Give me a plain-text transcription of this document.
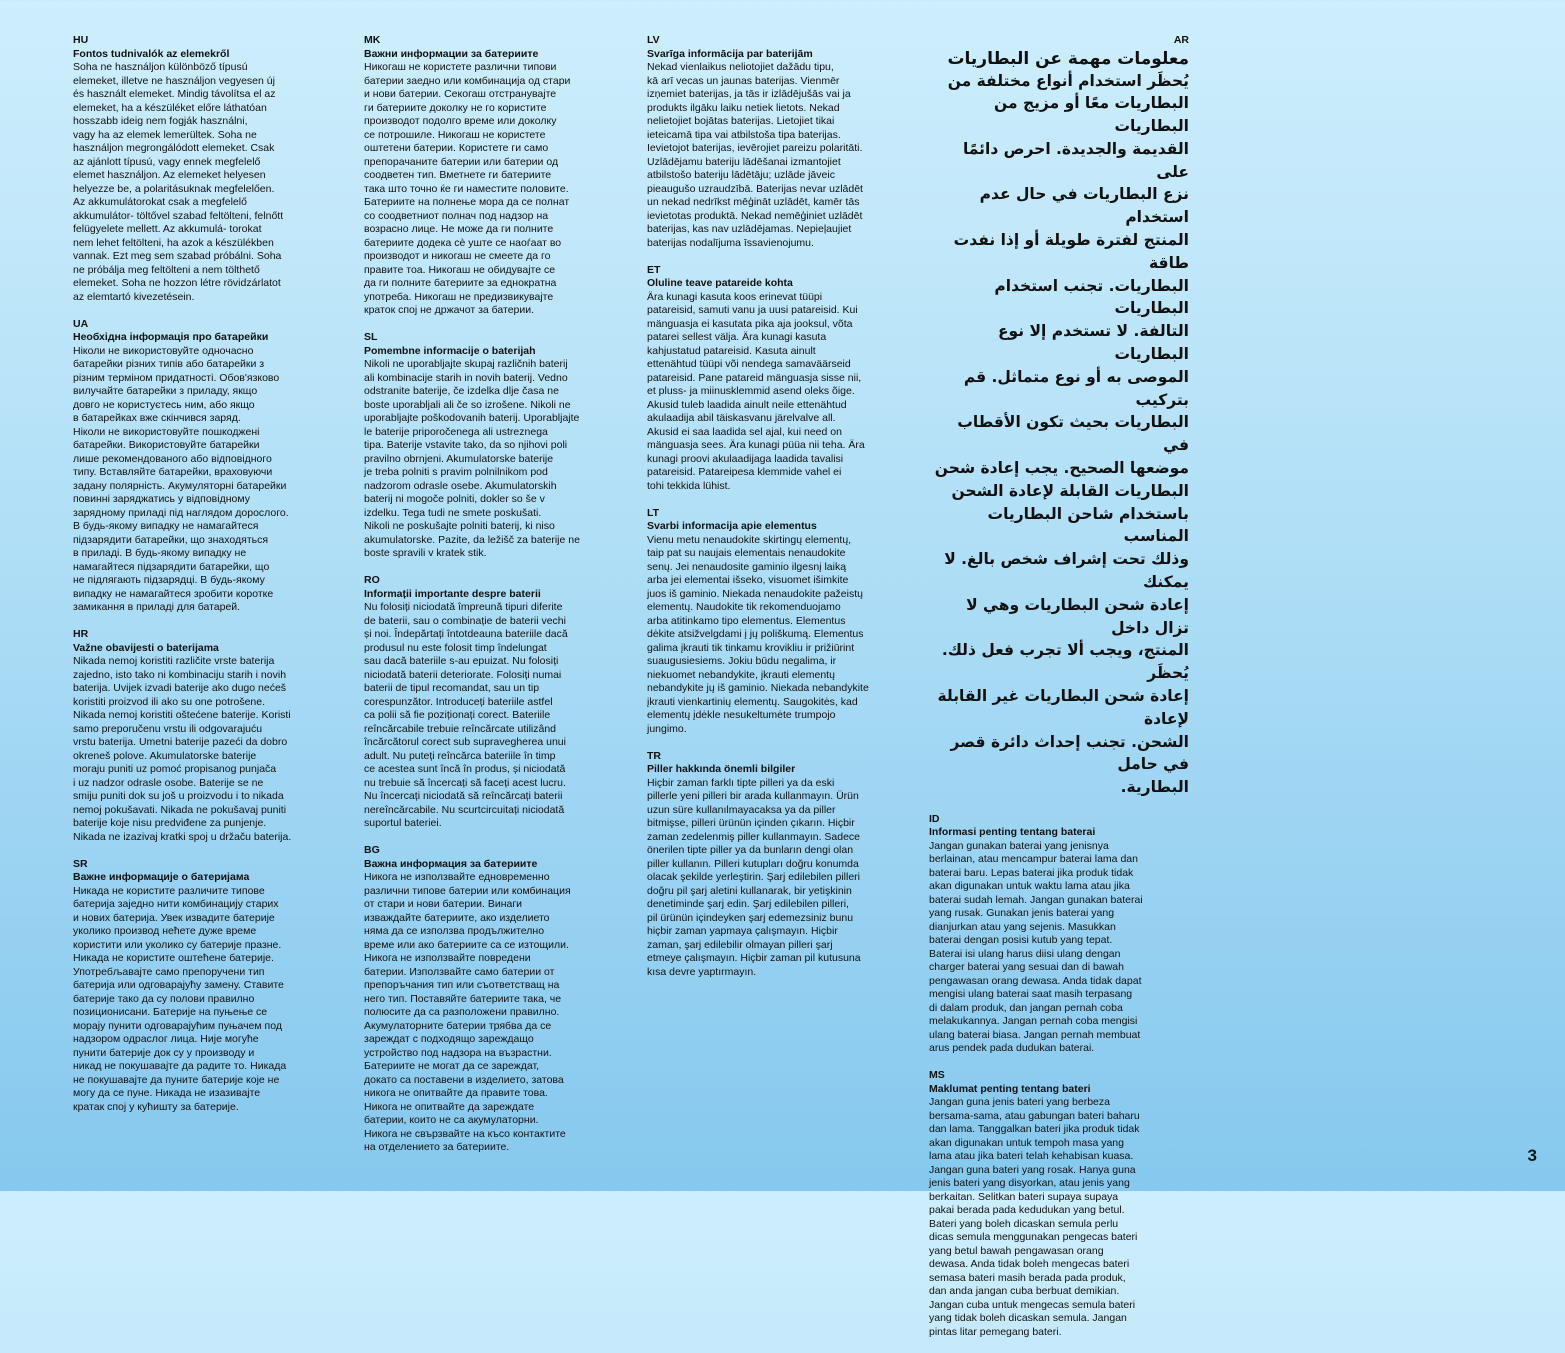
HU
Fontos tudnivalók az elemekről
Soha ne használjon különböző típusú
elemeket, illetve ne használjon vegyesen új
és használt elemeket. Mindig távolítsa el az
elemeket, ha a készüléket előre láthatóan
hosszabb ideig nem fogják használni,
vagy ha az elemek lemerültek. Soha ne
használjon megrongálódott elemeket. Csak
az ajánlott típusú, vagy ennek megfelelő
elemet használjon. Az elemeket helyesen
helyezze be, a polaritásuknak megfelelően.
Az akkumulátorokat csak a megfelelő
akkumulátor- töltővel szabad feltölteni, felnőtt
felügyelete mellett. Az akkumulá- torokat
nem lehet feltölteni, ha azok a készülékben
vannak. Ezt meg sem szabad próbálni. Soha
ne próbálja meg feltölteni a nem tölthető
elemeket. Soha ne hozzon létre rövidzárlatot
az elemtartó kivezetésein.
UA
Необхідна інформація про батарейки
Ніколи не використовуйте одночасно
батарейки різних типів або батарейки з
різним терміном придатності. Обов'язково
вилучайте батарейки з приладу, якщо
довго не користуєтесь ним, або якщо
в батарейках вже скінчився заряд.
Ніколи не використовуйте пошкоджені
батарейки. Використовуйте батарейки
лише рекомендованого або відповідного
типу. Вставляйте батарейки, враховуючи
задану полярність. Акумуляторні батарейки
повинні заряджатись у відповідному
зарядному приладі під наглядом дорослого.
В будь-якому випадку не намагайтеся
підзарядити батарейки, що знаходяться
в приладі. В будь-якому випадку не
намагайтеся підзарядити батарейки, що
не підлягають підзарядці. В будь-якому
випадку не намагайтеся зробити коротке
замикання в приладі для батарей.
HR
Važne obavijesti o baterijama
Nikada nemoj koristiti različite vrste baterija
zajedno, isto tako ni kombinaciju starih i novih
baterija. Uvijek izvadi baterije ako dugo nećeš
koristiti proizvod ili ako su one potrošene.
Nikada nemoj koristiti oštećene baterije. Koristi
samo preporučenu vrstu ili odgovarajuću
vrstu baterija. Umetni baterije pazeći da dobro
okreneš polove. Akumulatorske baterije
moraju puniti uz pomoć propisanog punjača
i uz nadzor odrasle osobe. Baterije se ne
smiju puniti dok su još u proizvodu i to nikada
nemoj pokušavati. Nikada ne pokušavaj puniti
baterije koje nisu predviđene za punjenje.
Nikada ne izazivaj kratki spoj u držaču baterija.
SR
Важне информације о батеријама
Никада не користите различите типове
батерија заједно нити комбинацију старих
и нових батерија. Увек извадите батерије
уколико производ нећете дуже време
користити или уколико су батерије празне.
Никада не користите оштећене батерије.
Употребљавајте само препоручени тип
батерија или одговарајућу замену. Ставите
батерије тако да су полови правилно
позиционисани. Батерије на пуњење се
морају пунити одговарајућим пуњачем под
надзором одраслог лица. Није могуће
пунити батерије док су у производу и
никад не покушавајте да радите то. Никада
не покушавајте да пуните батерије које не
могу да се пуне. Никада не изазивајте
кратак спој у кућишту за батерије.
MK
Важни информации за батериите
Никогаш не користете различни типови
батерии заедно или комбинација од стари
и нови батерии. Секогаш отстранувајте
ги батериите доколку не го користите
производот подолго време или доколку
се потрошиле. Никогаш не користете
оштетени батерии. Користете ги само
препорачаните батерии или батерии од
соодветен тип. Вметнете ги батериите
така што точно ќе ги наместите половите.
Батериите на полнење мора да се полнат
со соодветниот полнач под надзор на
возрасно лице. Не може да ги полните
батериите додека сè уште се наоѓаат во
производот и никогаш не смеете да го
правите тоа. Никогаш не обидувајте се
да ги полните батериите за еднократна
употреба. Никогаш не предизвикувајте
краток спој не држачот за батерии.
SL
Pomembne informacije o baterijah
Nikoli ne uporabljajte skupaj različnih baterij
ali kombinacije starih in novih baterij. Vedno
odstranite baterije, če izdelka dlje časa ne
boste uporabljali ali če so izrošene. Nikoli ne
uporabljajte poškodovanih baterij. Uporabljajte
le baterije priporočenega ali ustreznega
tipa. Baterije vstavite tako, da so njihovi poli
pravilno obrnjeni. Akumulatorske baterije
je treba polniti s pravim polnilnikom pod
nadzorom odrasle osebe. Akumulatorskih
baterij ni mogoče polniti, dokler so še v
izdelku. Tega tudi ne smete poskušati.
Nikoli ne poskušajte polniti baterij, ki niso
akumulatorske. Pazite, da ležišč za baterije ne
boste spravili v kratek stik.
RO
Informații importante despre baterii
Nu folosiți niciodată împreună tipuri diferite
de baterii, sau o combinație de baterii vechi
și noi. Îndepărtați întotdeauna bateriile dacă
produsul nu este folosit timp îndelungat
sau dacă bateriile s-au epuizat. Nu folosiți
niciodată baterii deteriorate. Folosiți numai
baterii de tipul recomandat, sau un tip
corespunzător. Introduceți bateriile astfel
ca polii să fie poziționați corect. Bateriile
reîncărcabile trebuie reîncărcate utilizând
încărcătorul corect sub supravegherea unui
adult. Nu puteți reîncărca bateriile în timp
ce acestea sunt încă în produs, și niciodată
nu trebuie să încercați să faceți acest lucru.
Nu încercați niciodată să reîncărcați baterii
nereîncărcabile. Nu scurtcircuitați niciodată
suportul bateriei.
BG
Важна информация за батериите
Никога не използвайте едновременно
различни типове батерии или комбинация
от стари и нови батерии. Винаги
изваждайте батериите, ако изделието
няма да се използва продължително
време или ако батериите са се изтощили.
Никога не използвайте повредени
батерии. Използвайте само батерии от
препоръчания тип или съответстващ на
него тип. Поставяйте батериите така, че
полюсите да са разположени правилно.
Акумулаторните батерии трябва да се
зареждат с подходящо зареждащо
устройство под надзора на възрастни.
Батериите не могат да се зареждат,
докато са поставени в изделието, затова
никога не опитвайте да правите това.
Никога не опитвайте да зареждате
батерии, които не са акумулаторни.
Никога не свързвайте на късо контактите
на отделението за батериите.
LV
Svarīga informācija par baterijām
Nekad vienlaikus neliotojiet dažādu tipu,
kā arī vecas un jaunas baterijas. Vienmēr
izņemiet baterijas, ja tās ir izlādējušās vai ja
produkts ilgāku laiku netiek lietots. Nekad
nelietojiet bojātas baterijas. Lietojiet tikai
ieteicamā tipa vai atbilstoša tipa baterijas.
Ievietojot baterijas, ievērojiet pareizu polaritāti.
Uzlādējamu bateriju lādēšanai izmantojiet
atbilstošo bateriju lādētāju; uzlāde jāveic
pieaugušo uzraudzībā. Baterijas nevar uzlādēt
un nekad nedrīkst mēģināt uzlādēt, kamēr tās
ievietotas produktā. Nekad nemēģiniet uzlādēt
baterijas, kas nav uzlādējamas. Nepieļaujiet
baterijas nodalījuma īssavienojumu.
ET
Oluline teave patareide kohta
Ära kunagi kasuta koos erinevat tüüpi
patareisid, samuti vanu ja uusi patareisid. Kui
mänguasja ei kasutata pika aja jooksul, võta
patarei sellest välja. Ära kunagi kasuta
kahjustatud patareisid. Kasuta ainult
ettenähtud tüüpi või nendega samaväärseid
patareisid. Pane patareid mänguasja sisse nii,
et pluss- ja miinusklemmid asend oleks õige.
Akusid tuleb laadida ainult neile ettenähtud
akulaadija abil täiskasvanu järelvalve all.
Akusid ei saa laadida sel ajal, kui need on
mänguasja sees. Ära kunagi püüa nii teha. Ära
kunagi proovi akulaadijaga laadida tavalisi
patareisid. Patareipesa klemmide vahel ei
tohi tekkida lühist.
LT
Svarbi informacija apie elementus
Vienu metu nenaudokite skirtingų elementų,
taip pat su naujais elementais nenaudokite
senų. Jei nenaudosite gaminio ilgesnį laiką
arba jei elementai išseko, visuomet išimkite
juos iš gaminio. Niekada nenaudokite pažeistų
elementų. Naudokite tik rekomenduojamo
arba atitinkamo tipo elementus. Elementus
dėkite atsižvelgdami į jų poliškumą. Elementus
galima įkrauti tik tinkamu krovikliu ir prižiūrint
suaugusiesiems. Jokiu būdu negalima, ir
niekuomet nebandykite, įkrauti elementų
nebandykite jų iš gaminio. Niekada nebandykite
įkrauti vienkartinių elementų. Saugokitės, kad
elementų įdėkle nesukeltumėte trumpojo
jungimo.
TR
Piller hakkında önemli bilgiler
Hiçbir zaman farklı tipte pilleri ya da eski
pillerle yeni pilleri bir arada kullanmayın. Ürün
uzun süre kullanılmayacaksa ya da piller
bitmişse, pilleri ürünün içinden çıkarın. Hiçbir
zaman zedelenmiş piller kullanmayın. Sadece
önerilen tipte piller ya da bunların dengi olan
piller kullanın. Pilleri kutupları doğru konumda
olacak şekilde yerleştirin. Şarj edilebilen pilleri
doğru pil şarj aletini kullanarak, bir yetişkinin
denetiminde şarj edin. Şarj edilebilen pilleri,
pil ürünün içindeyken şarj edemezsiniz bunu
hiçbir zaman yapmaya çalışmayın. Hiçbir
zaman, şarj edilebilir olmayan pilleri şarj
etmeye çalışmayın. Hiçbir zaman pil kutusuna
kısa devre yaptırmayın.
AR
معلومات مهمة عن البطاريات
يُحظَر استخدام أنواع مختلفة من
البطاريات معًا أو مزيج من البطاريات
القديمة والجديدة. احرص دائمًا على
نزع البطاريات في حال عدم استخدام
المنتج لفترة طويلة أو إذا نفدت طاقة
البطاريات. تجنب استخدام البطاريات
التالفة. لا تستخدم إلا نوع البطاريات
الموصى به أو نوع متماثل. قم بتركيب
البطاريات بحيث تكون الأقطاب في
موضعها الصحيح. يجب إعادة شحن
البطاريات القابلة لإعادة الشحن
باستخدام شاحن البطاريات المناسب
وذلك تحت إشراف شخص بالغ. لا يمكنك
إعادة شحن البطاريات وهي لا تزال داخل
المنتج، ويجب ألا تجرب فعل ذلك. يُحظَر
إعادة شحن البطاريات غير القابلة لإعادة
الشحن. تجنب إحداث دائرة قصر في حامل
البطارية.
ID
Informasi penting tentang baterai
Jangan gunakan baterai yang jenisnya
berlainan, atau mencampur baterai lama dan
baterai baru. Lepas baterai jika produk tidak
akan digunakan untuk waktu lama atau jika
baterai sudah lemah. Jangan gunakan baterai
yang rusak. Gunakan jenis baterai yang
dianjurkan atau yang sejenis. Masukkan
baterai dengan posisi kutub yang tepat.
Baterai isi ulang harus diisi ulang dengan
charger baterai yang sesuai dan di bawah
pengawasan orang dewasa. Anda tidak dapat
mengisi ulang baterai saat masih terpasang
di dalam produk, dan jangan pernah coba
melakukannya. Jangan pernah coba mengisi
ulang baterai biasa. Jangan pernah membuat
arus pendek pada dudukan baterai.
MS
Maklumat penting tentang bateri
Jangan guna jenis bateri yang berbeza
bersama-sama, atau gabungan bateri baharu
dan lama. Tanggalkan bateri jika produk tidak
akan digunakan untuk tempoh masa yang
lama atau jika bateri telah kehabisan kuasa.
Jangan guna bateri yang rosak. Hanya guna
jenis bateri yang disyorkan, atau jenis yang
berkaitan. Selitkan bateri supaya supaya
pakai berada pada kedudukan yang betul.
Bateri yang boleh dicaskan semula perlu
dicas semula menggunakan pengecas bateri
yang betul bawah pengawasan orang
dewasa. Anda tidak boleh mengecas bateri
semasa bateri masih berada pada produk,
dan anda jangan cuba berbuat demikian.
Jangan cuba untuk mengecas semula bateri
yang tidak boleh dicaskan semula. Jangan
pintas litar pemegang bateri.
3
